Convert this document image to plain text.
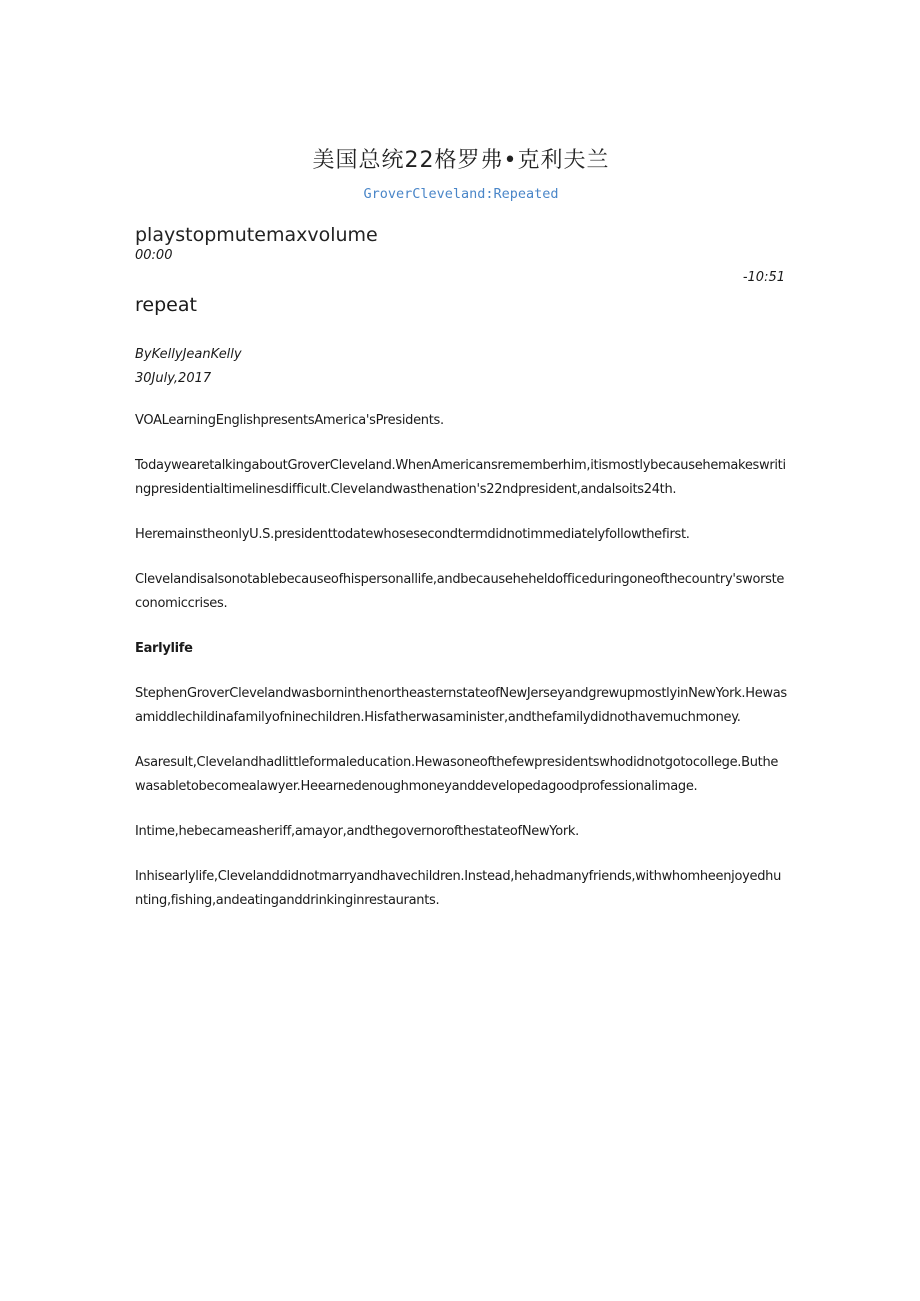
美国总统22格罗弗•克利夫兰
GroverCleveland:Repeated
playstopmutemaxvolume
00:00
-10:51
repeat
ByKellyJeanKelly
30July,2017

VOALearningEnglishpresentsAmerica'sPresidents.

TodaywearetalkingaboutGroverCleveland.WhenAmericansrememberhim,itismostlybecausehemakeswritingpresidentialtimelinesdifficult.Clevelandwasthenation's22ndpresident,andalsoits24th.

HeremainstheonlyU.S.presidenttodatewhosesecondtermdidnotimmediatelyfollowthefirst.

Clevelandisalsonotablebecauseofhispersonallife,andbecauseheheldofficeduringoneofthecountry'sworsteconomiccrises.

Earlylife

StephenGroverClevelandwasborninthenortheasternstateofNewJerseyandgrewupmostlyinNewYork.Hewasamiddlechildinafamilyofninechildren.Hisfatherwasaminister,andthefamilydidnothavemuchmoney.

Asaresult,Clevelandhadlittleformaleducation.Hewasoneofthefewpresidentswhodidnotgotocollege.Buthewasabletobecomealawyer.Heearnedenoughmoneyanddevelopedagoodprofessionalimage.

Intime,hebecameasheriff,amayor,andthegovernorofthestateofNewYork.

Inhisearlylife,Clevelanddidnotmarryandhavechildren.Instead,hehadmanyfriends,withwhomheenjoyedhunting,fishing,andeatinganddrinkinginrestaurants.
